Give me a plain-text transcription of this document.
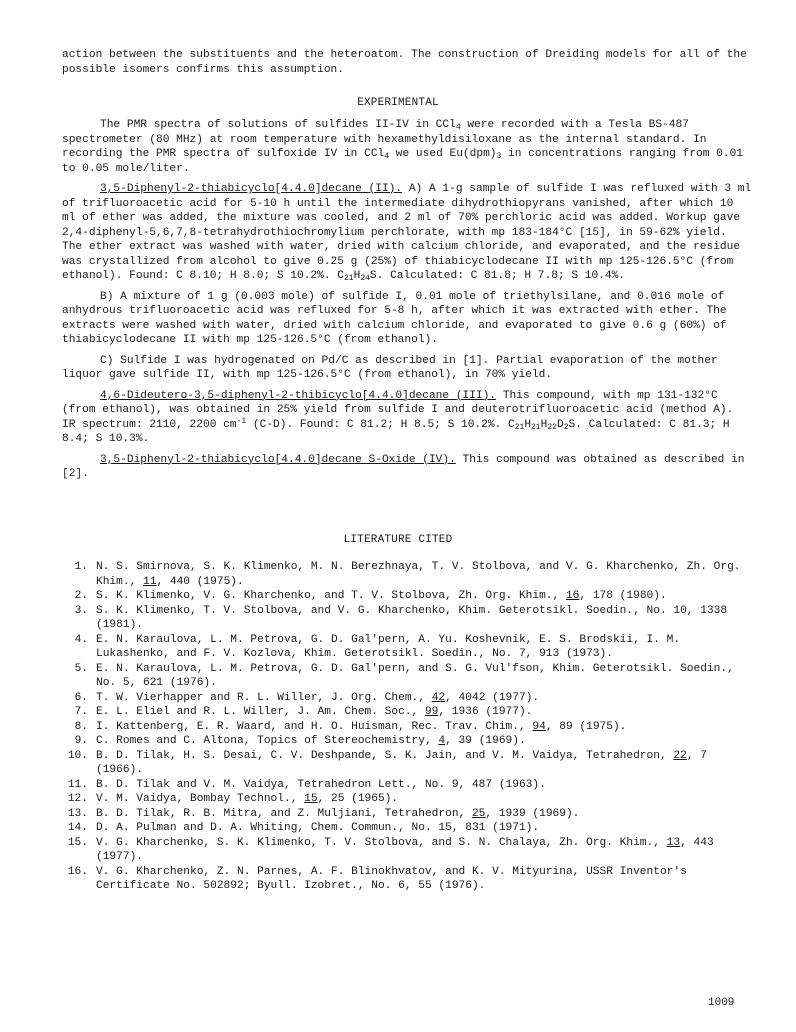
action between the substituents and the heteroatom. The construction of Dreiding models for all of the possible isomers confirms this assumption.

EXPERIMENTAL

The PMR spectra of solutions of sulfides II-IV in CCl$_4$ were recorded with a Tesla BS-487 spectrometer (80 MHz) at room temperature with hexamethyldisiloxane as the internal standard. In recording the PMR spectra of sulfoxide IV in CCl$_4$ we used $Eu(dpm)_3$ in concentrations ranging from 0.01 to 0.05 mole/liter.

3,5-Diphenyl-2-thiabicyclo[4.4.0]decane (II). A) A 1-g sample of sulfide I was refluxed with 3 ml of trifluoroacetic acid for 5-10 h until the intermediate dihydrothiopyrans vanished, after which 10 ml of ether was added, the mixture was cooled, and 2 ml of 70% perchloric acid was added. Workup gave 2,4-diphenyl-5,6,7,8-tetrahydrothiochromylium perchlorate, with mp 183-184°C [15], in 59-62% yield. The ether extract was washed with water, dried with calcium chloride, and evaporated, and the residue was crystallized from alcohol to give 0.25 g (25%) of thiabicyclodecane II with mp 125-126.5°C (from ethanol). Found: C 8.10; H 8.0; S 10.2%. $C_{21}H_{24}S$. Calculated: C 81.8; H 7.8; S 10.4%.

B) A mixture of 1 g (0.003 mole) of sulfide I, 0.01 mole of triethylsilane, and 0.016 mole of anhydrous trifluoroacetic acid was refluxed for 5-8 h, after which it was extracted with ether. The extracts were washed with water, dried with calcium chloride, and evaporated to give 0.6 g (60%) of thiabicyclodecane II with mp 125-126.5°C (from ethanol).

C) Sulfide I was hydrogenated on Pd/C as described in [1]. Partial evaporation of the mother liquor gave sulfide II, with mp 125-126.5°C (from ethanol), in 70% yield.

4,6-Dideutero-3,5-diphenyl-2-thibicyclo[4.4.0]decane (III). This compound, with mp 131-132°C (from ethanol), was obtained in 25% yield from sulfide I and deuterotrifluoroacetic acid (method A). IR spectrum: 2110, 2200 $cm^{-1}$ (C-D). Found: C 81.2; H 8.5; S 10.2%. $C_{21}H_{21}H_{22}D_2S$. Calculated: C 81.3; H 8.4; S 10.3%.

3,5-Diphenyl-2-thiabicyclo[4.4.0]decane S-Oxide (IV). This compound was obtained as described in [2].

LITERATURE CITED
1. N. S. Smirnova, S. K. Klimenko, M. N. Berezhnaya, T. V. Stolbova, and V. G. Kharchenko, Zh. Org. Khim., 11, 440 (1975).
2. S. K. Klimenko, V. G. Kharchenko, and T. V. Stolbova, Zh. Org. Khim., 16, 178 (1980).
3. S. K. Klimenko, T. V. Stolbova, and V. G. Kharchenko, Khim. Geterotsikl. Soedin., No. 10, 1338 (1981).
4. E. N. Karaulova, L. M. Petrova, G. D. Gal'pern, A. Yu. Koshevnik, E. S. Brodskii, I. M. Lukashenko, and F. V. Kozlova, Khim. Geterotsikl. Soedin., No. 7, 913 (1973).
5. E. N. Karaulova, L. M. Petrova, G. D. Gal'pern, and S. G. Vul'fson, Khim. Geterotsikl. Soedin., No. 5, 621 (1976).
6. T. W. Vierhapper and R. L. Willer, J. Org. Chem., 42, 4042 (1977).
7. E. L. Eliel and R. L. Willer, J. Am. Chem. Soc., 99, 1936 (1977).
8. I. Kattenberg, E. R. Waard, and H. O. Huisman, Rec. Trav. Chim., 94, 89 (1975).
9. C. Romes and C. Altona, Topics of Stereochemistry, 4, 39 (1969).
10. B. D. Tilak, H. S. Desai, C. V. Deshpande, S. K. Jain, and V. M. Vaidya, Tetrahedron, 22, 7 (1966).
11. B. D. Tilak and V. M. Vaidya, Tetrahedron Lett., No. 9, 487 (1963).
12. V. M. Vaidya, Bombay Technol., 15, 25 (1965).
13. B. D. Tilak, R. B. Mitra, and Z. Muljiani, Tetrahedron, 25, 1939 (1969).
14. D. A. Pulman and D. A. Whiting, Chem. Commun., No. 15, 831 (1971).
15. V. G. Kharchenko, S. K. Klimenko, T. V. Stolbova, and S. N. Chalaya, Zh. Org. Khim., 13, 443 (1977).
16. V. G. Kharchenko, Z. N. Parnes, A. F. Blinokhvatov, and K. V. Mityurina, USSR Inventor's Certificate No. 502892; Byull. Izobret., No. 6, 55 (1976).
1009
